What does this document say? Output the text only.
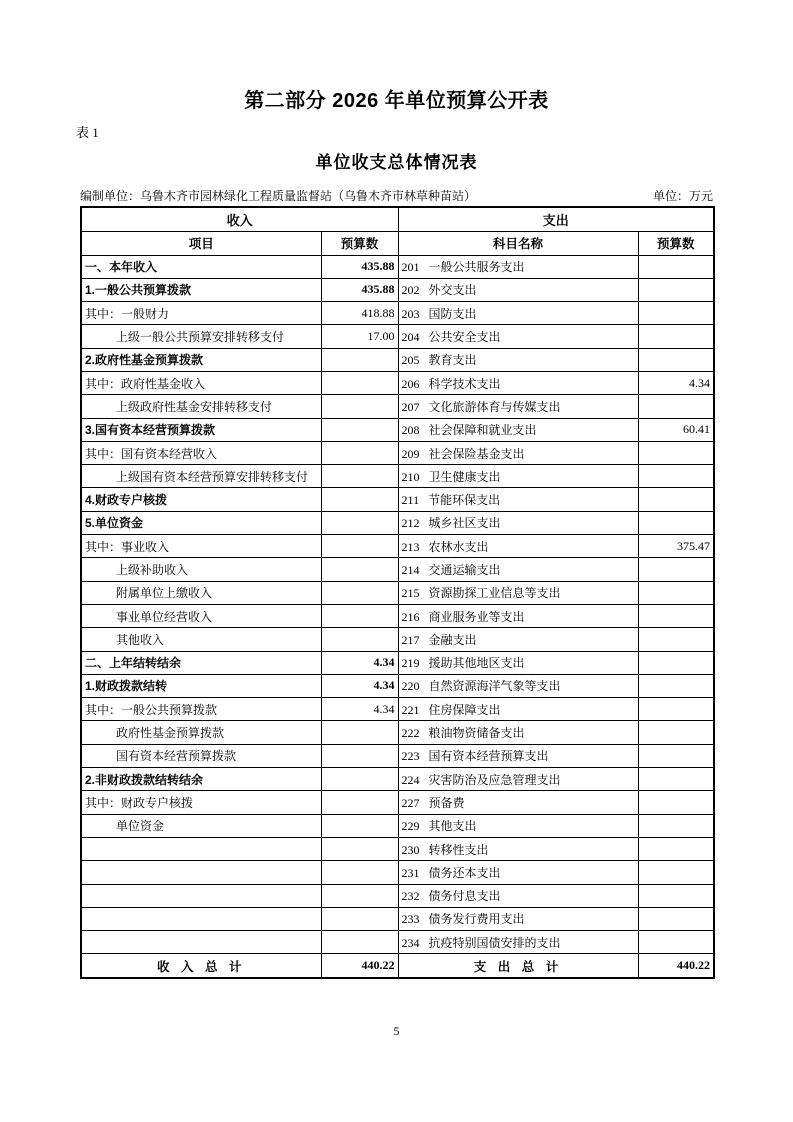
第二部分 2026 年单位预算公开表
表 1
单位收支总体情况表
编制单位：乌鲁木齐市园林绿化工程质量监督站（乌鲁木齐市林草种苗站）	单位：万元
收入		支出	
项目	预算数	科目名称	预算数
一、本年收入	435.88	201 一般公共服务支出	
1.一般公共预算拨款	435.88	202 外交支出	
其中：一般财力	418.88	203 国防支出	
上级一般公共预算安排转移支付	17.00	204 公共安全支出	
2.政府性基金预算拨款		205 教育支出	
其中：政府性基金收入		206 科学技术支出	4.34
上级政府性基金安排转移支付		207 文化旅游体育与传媒支出	
3.国有资本经营预算拨款		208 社会保障和就业支出	60.41
其中：国有资本经营收入		209 社会保险基金支出	
上级国有资本经营预算安排转移支付		210 卫生健康支出	
4.财政专户核拨		211 节能环保支出	
5.单位资金		212 城乡社区支出	
其中：事业收入		213 农林水支出	375.47
上级补助收入		214 交通运输支出	
附属单位上缴收入		215 资源勘探工业信息等支出	
事业单位经营收入		216 商业服务业等支出	
其他收入		217 金融支出	
二、上年结转结余	4.34	219 援助其他地区支出	
1.财政拨款结转	4.34	220 自然资源海洋气象等支出	
其中：一般公共预算拨款	4.34	221 住房保障支出	
政府性基金预算拨款		222 粮油物资储备支出	
国有资本经营预算拨款		223 国有资本经营预算支出	
2.非财政拨款结转结余		224 灾害防治及应急管理支出	
其中：财政专户核拨		227 预备费	
单位资金		229 其他支出	
		230 转移性支出	
		231 债务还本支出	
		232 债务付息支出	
		233 债务发行费用支出	
		234 抗疫特别国债安排的支出	
收 入 总 计	440.22	支 出 总 计	440.22
5
